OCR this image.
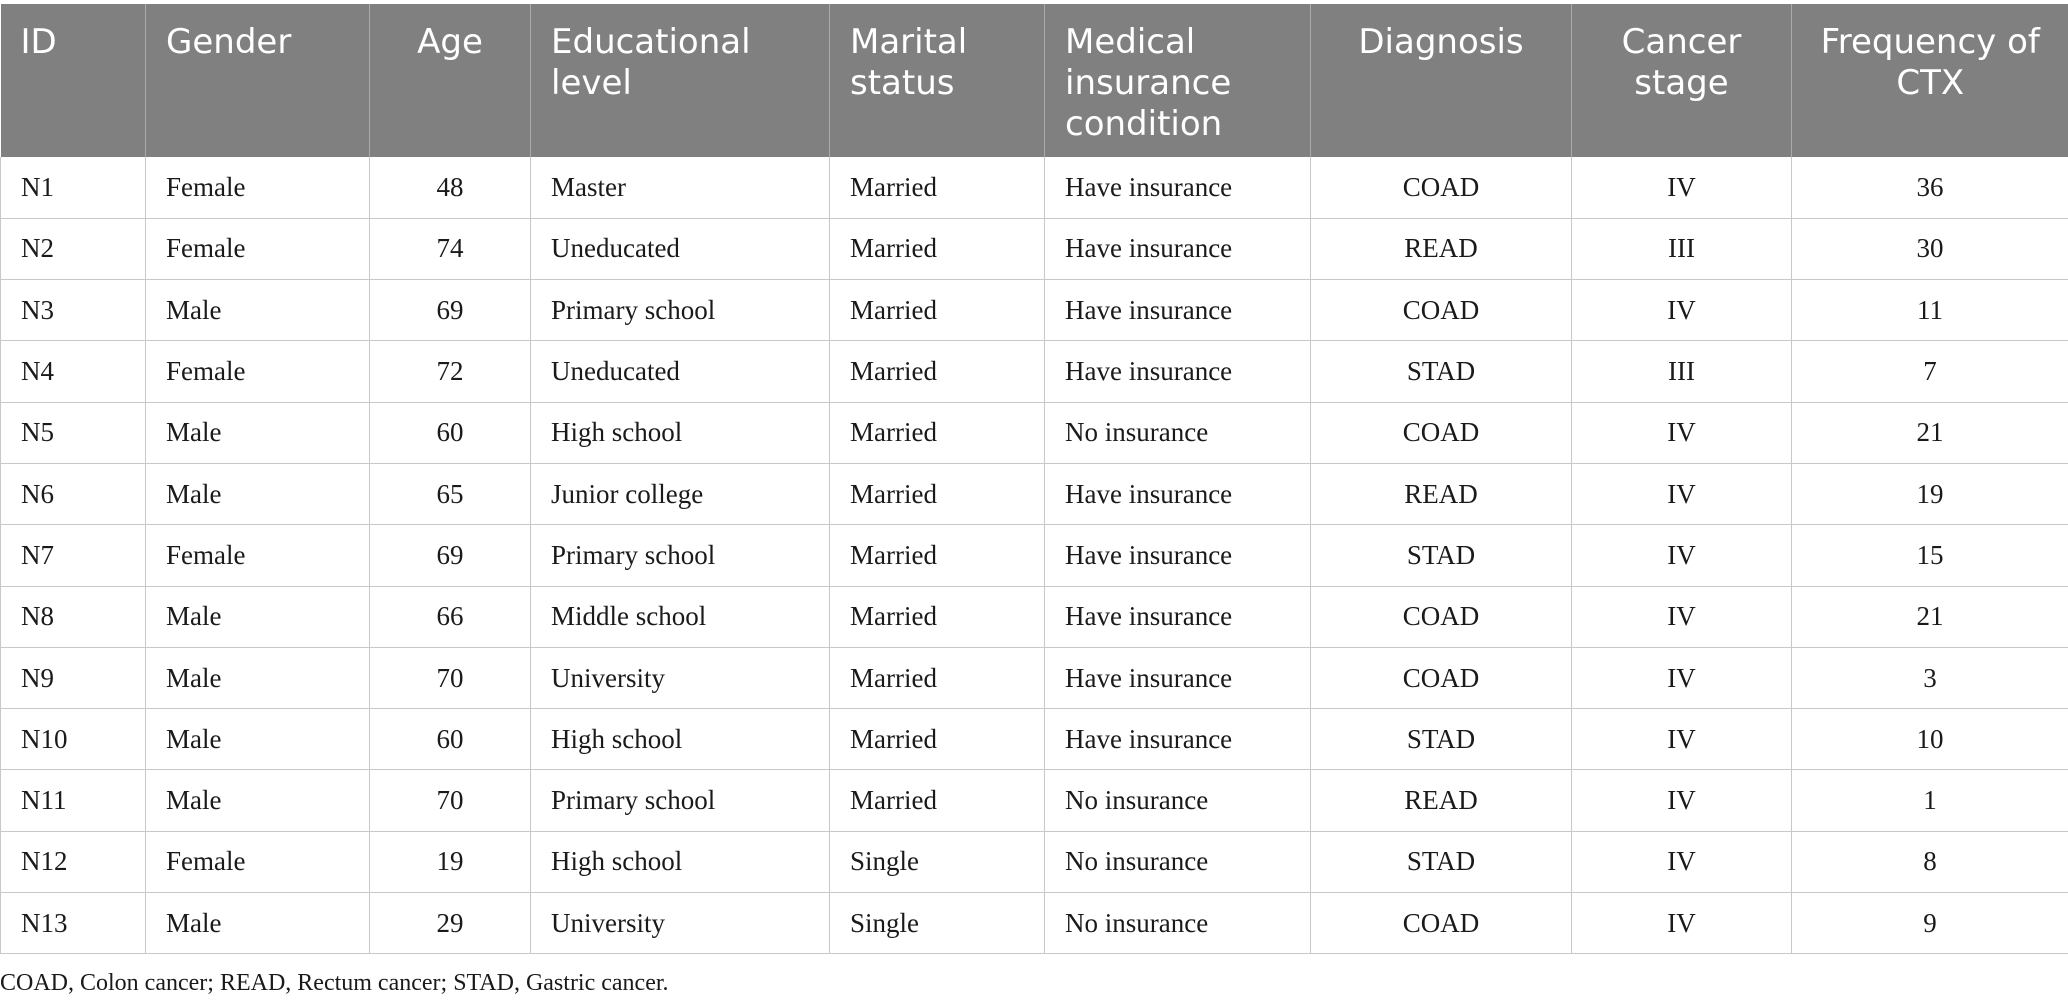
ID	Gender	Age	Educational level	Marital status	Medical insurance condition	Diagnosis	Cancer stage	Frequency of CTX
N1	Female	48	Master	Married	Have insurance	COAD	IV	36
N2	Female	74	Uneducated	Married	Have insurance	READ	III	30
N3	Male	69	Primary school	Married	Have insurance	COAD	IV	11
N4	Female	72	Uneducated	Married	Have insurance	STAD	III	7
N5	Male	60	High school	Married	No insurance	COAD	IV	21
N6	Male	65	Junior college	Married	Have insurance	READ	IV	19
N7	Female	69	Primary school	Married	Have insurance	STAD	IV	15
N8	Male	66	Middle school	Married	Have insurance	COAD	IV	21
N9	Male	70	University	Married	Have insurance	COAD	IV	3
N10	Male	60	High school	Married	Have insurance	STAD	IV	10
N11	Male	70	Primary school	Married	No insurance	READ	IV	1
N12	Female	19	High school	Single	No insurance	STAD	IV	8
N13	Male	29	University	Single	No insurance	COAD	IV	9
COAD, Colon cancer; READ, Rectum cancer; STAD, Gastric cancer.
